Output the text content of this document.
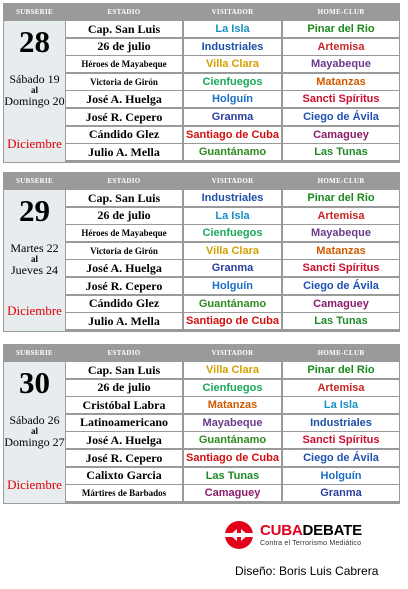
SUBSERIE	ESTADIO	VISITADOR	HOME-CLUB
28
Sábado 19
al
Domingo 20
Diciembre
Cap. San Luis	La Isla	Pinar del Rio
26 de julio	Industriales	Artemisa
Héroes de Mayabeque	Villa Clara	Mayabeque
Victoria de Girón	Cienfuegos	Matanzas
José A. Huelga	Holguín	Sancti Spíritus
José R. Cepero	Granma	Ciego de Ávila
Cándido Glez	Santiago de Cuba	Camaguey
Julio A. Mella	Guantánamo	Las Tunas
SUBSERIE	ESTADIO	VISITADOR	HOME-CLUB
29
Martes 22
al
Jueves 24
Diciembre
Cap. San Luis	Industriales	Pinar del Rio
26 de julio	La Isla	Artemisa
Héroes de Mayabeque	Cienfuegos	Mayabeque
Victoria de Girón	Villa Clara	Matanzas
José A. Huelga	Granma	Sancti Spíritus
José R. Cepero	Holguín	Ciego de Ávila
Cándido Glez	Guantánamo	Camaguey
Julio A. Mella	Santiago de Cuba	Las Tunas
SUBSERIE	ESTADIO	VISITADOR	HOME-CLUB
30
Sábado 26
al
Domingo 27
Diciembre
Cap. San Luis	Villa Clara	Pinar del Rio
26 de julio	Cienfuegos	Artemisa
Cristóbal Labra	Matanzas	La Isla
Latinoamericano	Mayabeque	Industriales
José A. Huelga	Guantánamo	Sancti Spíritus
José R. Cepero	Santiago de Cuba	Ciego de Ávila
Calixto Garcia	Las Tunas	Holguín
Mártires de Barbados	Camaguey	Granma
CUBADEBATE
Contra el Terrorismo Mediático
Diseño: Boris Luis Cabrera
